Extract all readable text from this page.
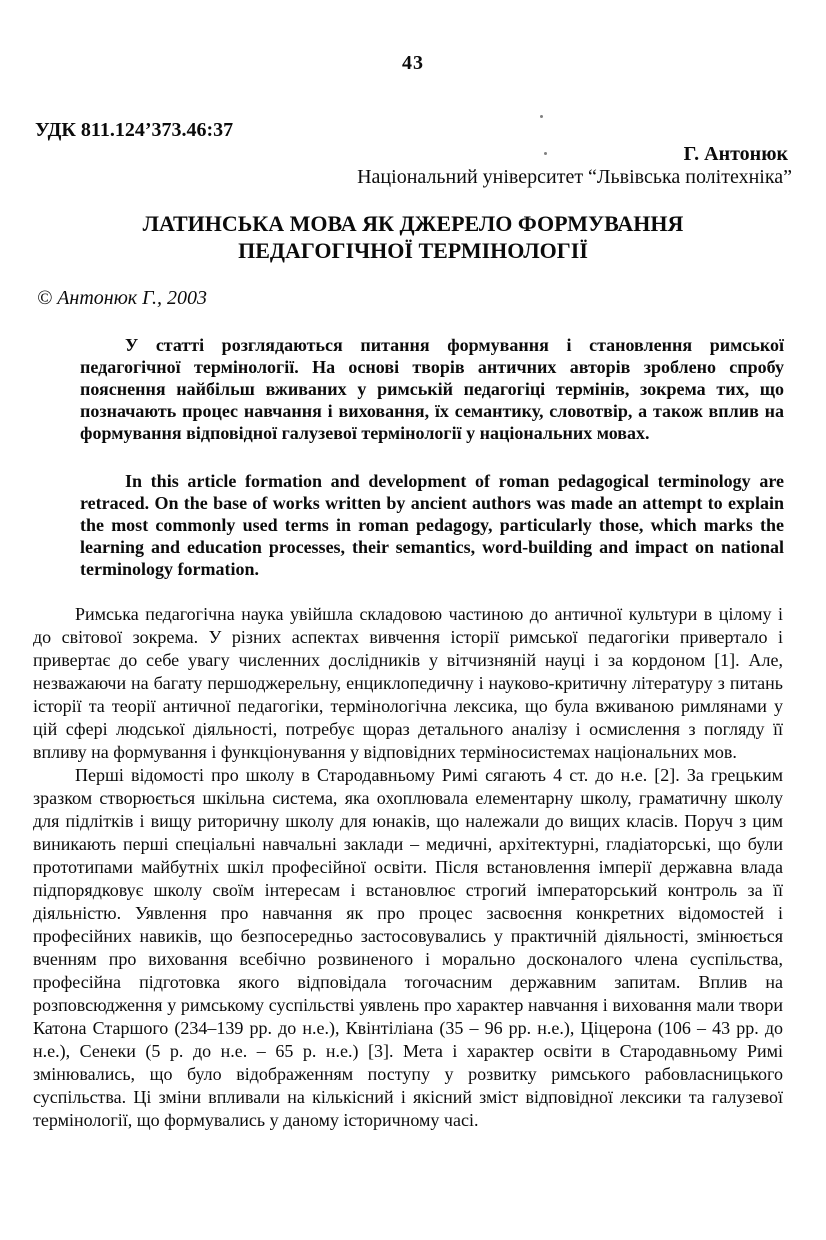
43
УДК 811.124’373.46:37
Г. Антонюк
Національний університет “Львівська політехніка”
ЛАТИНСЬКА МОВА ЯК ДЖЕРЕЛО ФОРМУВАННЯ
ПЕДАГОГІЧНОЇ ТЕРМІНОЛОГІЇ
© Антонюк Г., 2003

У статті розглядаються питання формування і становлення римської педагогічної термінології. На основі творів античних авторів зроблено спробу пояснення найбільш вживаних у римській педагогіці термінів, зокрема тих, що позначають процес навчання і виховання, їх семантику, словотвір, а також вплив на формування відповідної галузевої термінології у національних мовах.

In this article formation and development of roman pedagogical terminology are retraced. On the base of works written by ancient authors was made an attempt to explain the most commonly used terms in roman pedagogy, particularly those, which marks the learning and education processes, their semantics, word-building and impact on national terminology formation.

Римська педагогічна наука увійшла складовою частиною до античної культури в цілому і до світової зокрема. У різних аспектах вивчення історії римської педагогіки привертало і привертає до себе увагу численних дослідників у вітчизняній науці і за кордоном [1]. Але, незважаючи на багату першоджерельну, енциклопедичну і науково-критичну літературу з питань історії та теорії античної педагогіки, термінологічна лексика, що була вживаною римлянами у цій сфері людської діяльності, потребує щораз детального аналізу і осмислення з погляду її впливу на формування і функціонування у відповідних терміносистемах національних мов.

Перші відомості про школу в Стародавньому Римі сягають 4 ст. до н.е. [2]. За грецьким зразком створюється шкільна система, яка охоплювала елементарну школу, граматичну школу для підлітків і вищу риторичну школу для юнаків, що належали до вищих класів. Поруч з цим виникають перші спеціальні навчальні заклади – медичні, архітектурні, гладіаторські, що були прототипами майбутніх шкіл професійної освіти. Після встановлення імперії державна влада підпорядковує школу своїм інтересам і встановлює строгий імператорський контроль за її діяльністю. Уявлення про навчання як про процес засвоєння конкретних відомостей і професійних навиків, що безпосередньо застосовувались у практичній діяльності, змінюється вченням про виховання всебічно розвиненого і морально досконалого члена суспільства, професійна підготовка якого відповідала тогочасним державним запитам. Вплив на розповсюдження у римському суспільстві уявлень про характер навчання і виховання мали твори Катона Старшого (234–139 рр. до н.е.), Квінтіліана (35 – 96 рр. н.е.), Ціцерона (106 – 43 рр. до н.е.), Сенеки (5 р. до н.е. – 65 р. н.е.) [3]. Мета і характер освіти в Стародавньому Римі змінювались, що було відображенням поступу у розвитку римського рабовласницького суспільства. Ці зміни впливали на кількісний і якісний зміст відповідної лексики та галузевої термінології, що формувались у даному історичному часі.
